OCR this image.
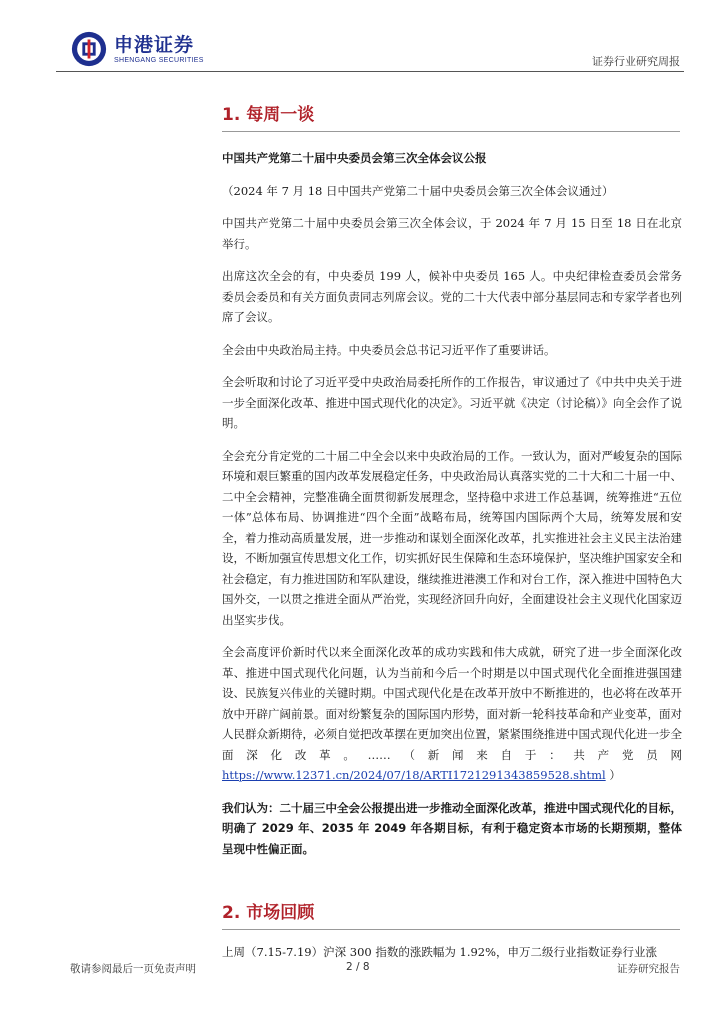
申港证券
SHENGANG SECURITIES	证券行业研究周报
1. 每周一谈

中国共产党第二十届中央委员会第三次全体会议公报

（2024 年 7 月 18 日中国共产党第二十届中央委员会第三次全体会议通过）

中国共产党第二十届中央委员会第三次全体会议，于 2024 年 7 月 15 日至 18 日在北京举行。

出席这次全会的有，中央委员 199 人，候补中央委员 165 人。中央纪律检查委员会常务委员会委员和有关方面负责同志列席会议。党的二十大代表中部分基层同志和专家学者也列席了会议。

全会由中央政治局主持。中央委员会总书记习近平作了重要讲话。

全会听取和讨论了习近平受中央政治局委托所作的工作报告，审议通过了《中共中央关于进一步全面深化改革、推进中国式现代化的决定》。习近平就《决定（讨论稿）》向全会作了说明。

全会充分肯定党的二十届二中全会以来中央政治局的工作。一致认为，面对严峻复杂的国际环境和艰巨繁重的国内改革发展稳定任务，中央政治局认真落实党的二十大和二十届一中、二中全会精神，完整准确全面贯彻新发展理念，坚持稳中求进工作总基调，统筹推进“五位一体”总体布局、协调推进“四个全面”战略布局，统筹国内国际两个大局，统筹发展和安全，着力推动高质量发展，进一步推动和谋划全面深化改革，扎实推进社会主义民主法治建设，不断加强宣传思想文化工作，切实抓好民生保障和生态环境保护，坚决维护国家安全和社会稳定，有力推进国防和军队建设，继续推进港澳工作和对台工作，深入推进中国特色大国外交，一以贯之推进全面从严治党，实现经济回升向好，全面建设社会主义现代化国家迈出坚实步伐。

全会高度评价新时代以来全面深化改革的成功实践和伟大成就，研究了进一步全面深化改革、推进中国式现代化问题，认为当前和今后一个时期是以中国式现代化全面推进强国建设、民族复兴伟业的关键时期。中国式现代化是在改革开放中不断推进的，也必将在改革开放中开辟广阔前景。面对纷繁复杂的国际国内形势，面对新一轮科技革命和产业变革，面对人民群众新期待，必须自觉把改革摆在更加突出位置，紧紧围绕推进中国式现代化进一步全面深化改革。……（新闻来自于：共产党员网 https://www.12371.cn/2024/07/18/ARTI1721291343859528.shtml ）

我们认为：二十届三中全会公报提出进一步推动全面深化改革，推进中国式现代化的目标，明确了 2029 年、2035 年 2049 年各期目标，有利于稳定资本市场的长期预期，整体呈现中性偏正面。

2. 市场回顾

上周（7.15-7.19）沪深 300 指数的涨跌幅为 1.92%，申万二级行业指数证券行业涨

敬请参阅最后一页免责声明	2 / 8	证券研究报告
